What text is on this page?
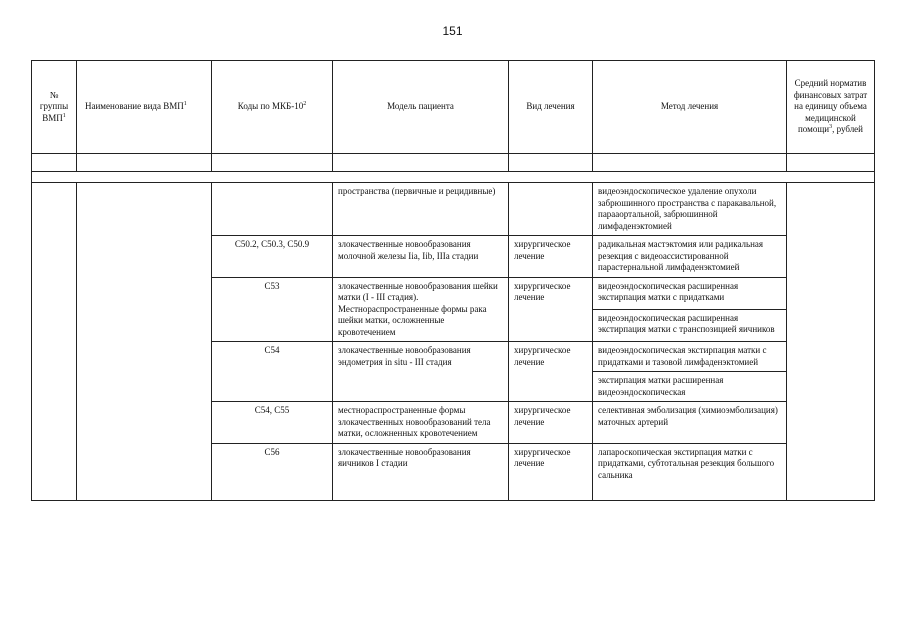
151
№ группы ВМП$^1$	Наименование вида ВМП$^1$	Коды по МКБ-$10^2$	Модель пациента	Вид лечения	Метод лечения	Средний норматив финансовых затрат на единицу объема медицинской помощи$^3$, рублей

			пространства (первичные и рецидивные)		видеоэндоскопическое удаление опухоли забрюшинного пространства с паракавальной, парааортальной, забрюшинной лимфаденэктомией	
		C50.2, C50.3, C50.9	злокачественные новообразования молочной железы Iia, Iib, IIIa стадии	хирургическое лечение	радикальная мастэктомия или радикальная резекция с видеоассистированной парастернальной лимфаденэктомией	
		C53	злокачественные новообразования шейки матки (I - III стадия). Местнораспространенные формы рака шейки матки, осложненные кровотечением	хирургическое лечение	видеоэндоскопическая расширенная экстирпация матки с придатками	
					видеоэндоскопическая расширенная экстирпация матки с транспозицией яичников	
		C54	злокачественные новообразования эндометрия in situ - III стадия	хирургическое лечение	видеоэндоскопическая экстирпация матки с придатками и тазовой лимфаденэктомией	
					экстирпация матки расширенная видеоэндоскопическая	
		C54, C55	местнораспространенные формы злокачественных новообразований тела матки, осложненных кровотечением	хирургическое лечение	селективная эмболизация (химиоэмболизация) маточных артерий	
		C56	злокачественные новообразования яичников I стадии	хирургическое лечение	лапароскопическая экстирпация матки с придатками, субтотальная резекция большого сальника	
